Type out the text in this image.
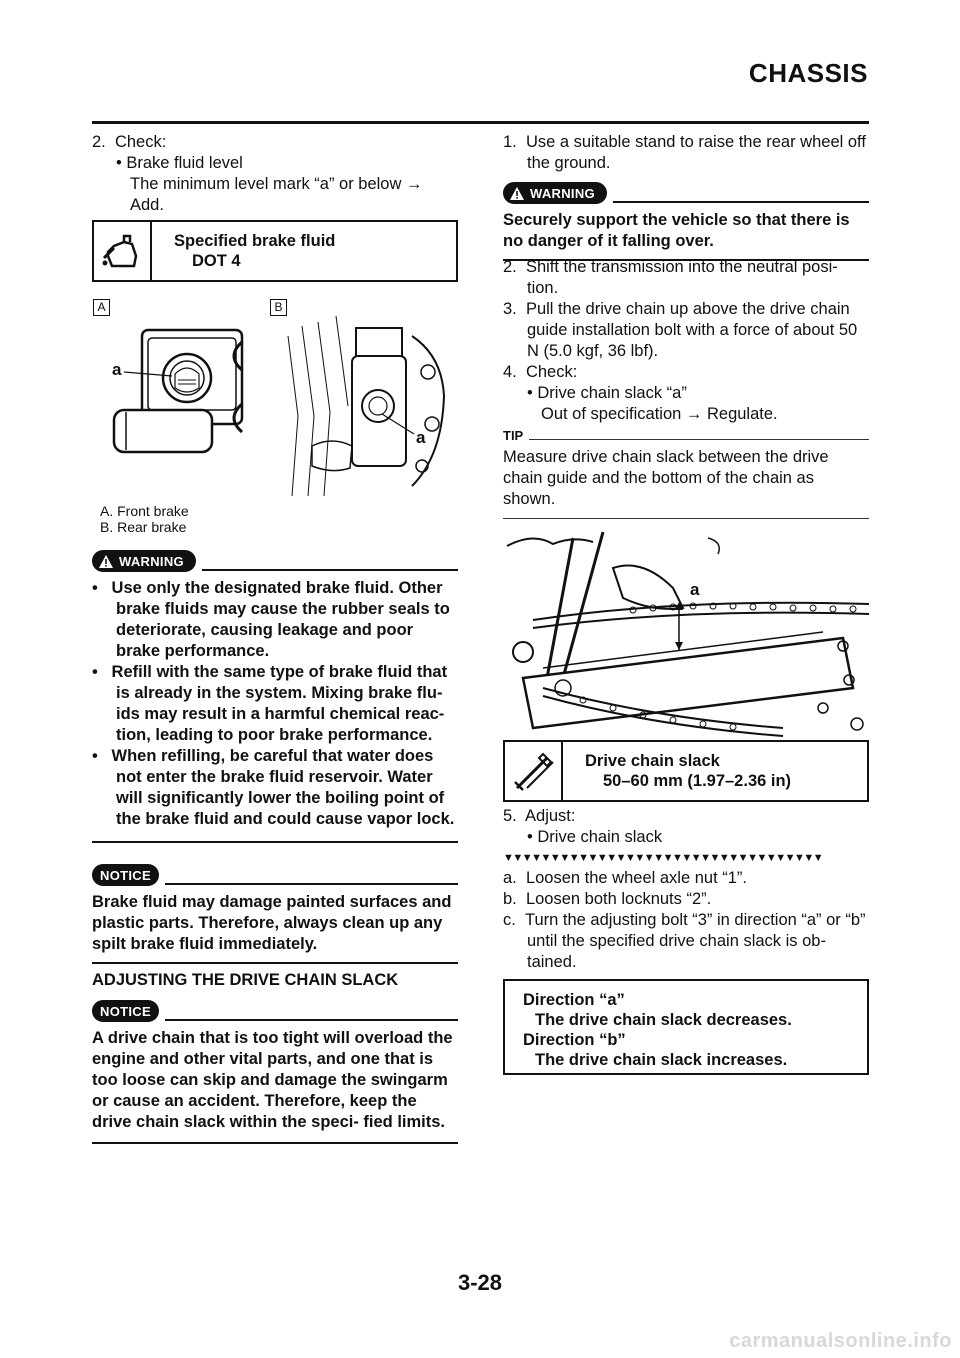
CHASSIS
2. Check:
• Brake fluid level
The minimum level mark “a” or below →
Add.
Specified brake fluid
DOT 4
A	B
a
a
A. Front brake
B. Rear brake
WARNING
•   Use only the designated brake fluid. Other brake fluids may cause the rubber seals to deteriorate, causing leakage and poor brake performance.
•   Refill with the same type of brake fluid that is already in the system. Mixing brake flu- ids may result in a harmful chemical reac- tion, leading to poor brake performance.
•   When refilling, be careful that water does not enter the brake fluid reservoir. Water will significantly lower the boiling point of the brake fluid and could cause vapor lock.
NOTICE
Brake fluid may damage painted surfaces and plastic parts. Therefore, always clean up any spilt brake fluid immediately.
ADJUSTING THE DRIVE CHAIN SLACK
NOTICE
A drive chain that is too tight will overload the engine and other vital parts, and one that is too loose can skip and damage the swingarm or cause an accident. Therefore, keep the drive chain slack within the speci- fied limits.
1. Use a suitable stand to raise the rear wheel off the ground.
WARNING
Securely support the vehicle so that there is no danger of it falling over.
2. Shift the transmission into the neutral posi- tion.
3. Pull the drive chain up above the drive chain guide installation bolt with a force of about 50 N (5.0 kgf, 36 lbf).
4. Check:
• Drive chain slack “a”
Out of specification → Regulate.
TIP
Measure drive chain slack between the drive chain guide and the bottom of the chain as shown.
a
Drive chain slack
50–60 mm (1.97–2.36 in)
5. Adjust:
• Drive chain slack
▼▼▼▼▼▼▼▼▼▼▼▼▼▼▼▼▼▼▼▼▼▼▼▼▼▼▼▼▼▼▼▼▼▼
a. Loosen the wheel axle nut “1”.
b. Loosen both locknuts “2”.
c. Turn the adjusting bolt “3” in direction “a” or “b” until the specified drive chain slack is ob- tained.
Direction “a”
The drive chain slack decreases.
Direction “b”
The drive chain slack increases.
3-28
carmanualsonline.info
